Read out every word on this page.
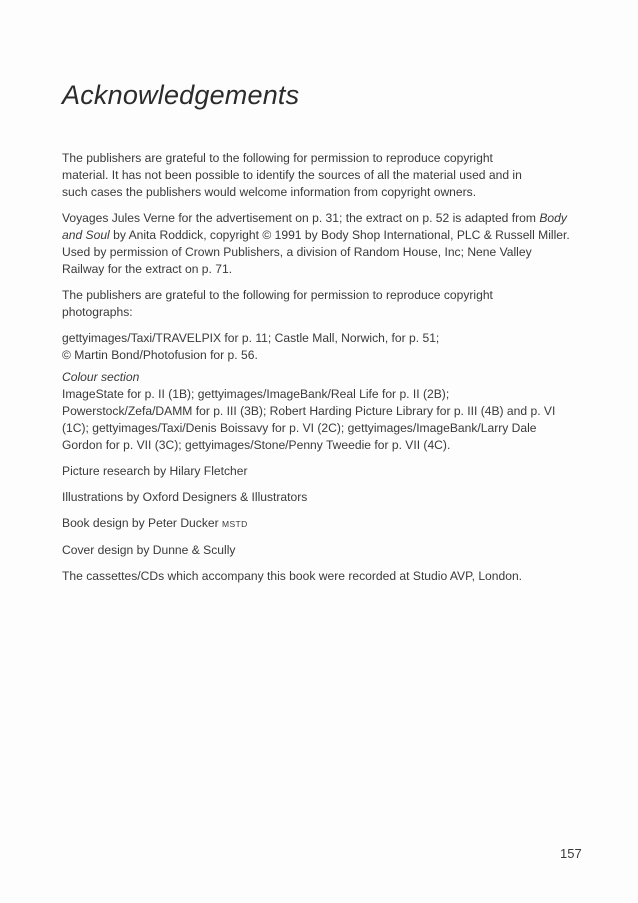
Acknowledgements

The publishers are grateful to the following for permission to reproduce copyright
material. It has not been possible to identify the sources of all the material used and in
such cases the publishers would welcome information from copyright owners.

Voyages Jules Verne for the advertisement on p. 31; the extract on p. 52 is adapted from Body
and Soul by Anita Roddick, copyright © 1991 by Body Shop International, PLC & Russell Miller.
Used by permission of Crown Publishers, a division of Random House, Inc; Nene Valley
Railway for the extract on p. 71.

The publishers are grateful to the following for permission to reproduce copyright
photographs:

gettyimages/Taxi/TRAVELPIX for p. 11; Castle Mall, Norwich, for p. 51;
© Martin Bond/Photofusion for p. 56.

Colour section
ImageState for p. II (1B); gettyimages/ImageBank/Real Life for p. II (2B);
Powerstock/Zefa/DAMM for p. III (3B); Robert Harding Picture Library for p. III (4B) and p. VI
(1C); gettyimages/Taxi/Denis Boissavy for p. VI (2C); gettyimages/ImageBank/Larry Dale
Gordon for p. VII (3C); gettyimages/Stone/Penny Tweedie for p. VII (4C).

Picture research by Hilary Fletcher

Illustrations by Oxford Designers & Illustrators

Book design by Peter Ducker MSTD

Cover design by Dunne & Scully

The cassettes/CDs which accompany this book were recorded at Studio AVP, London.

157
